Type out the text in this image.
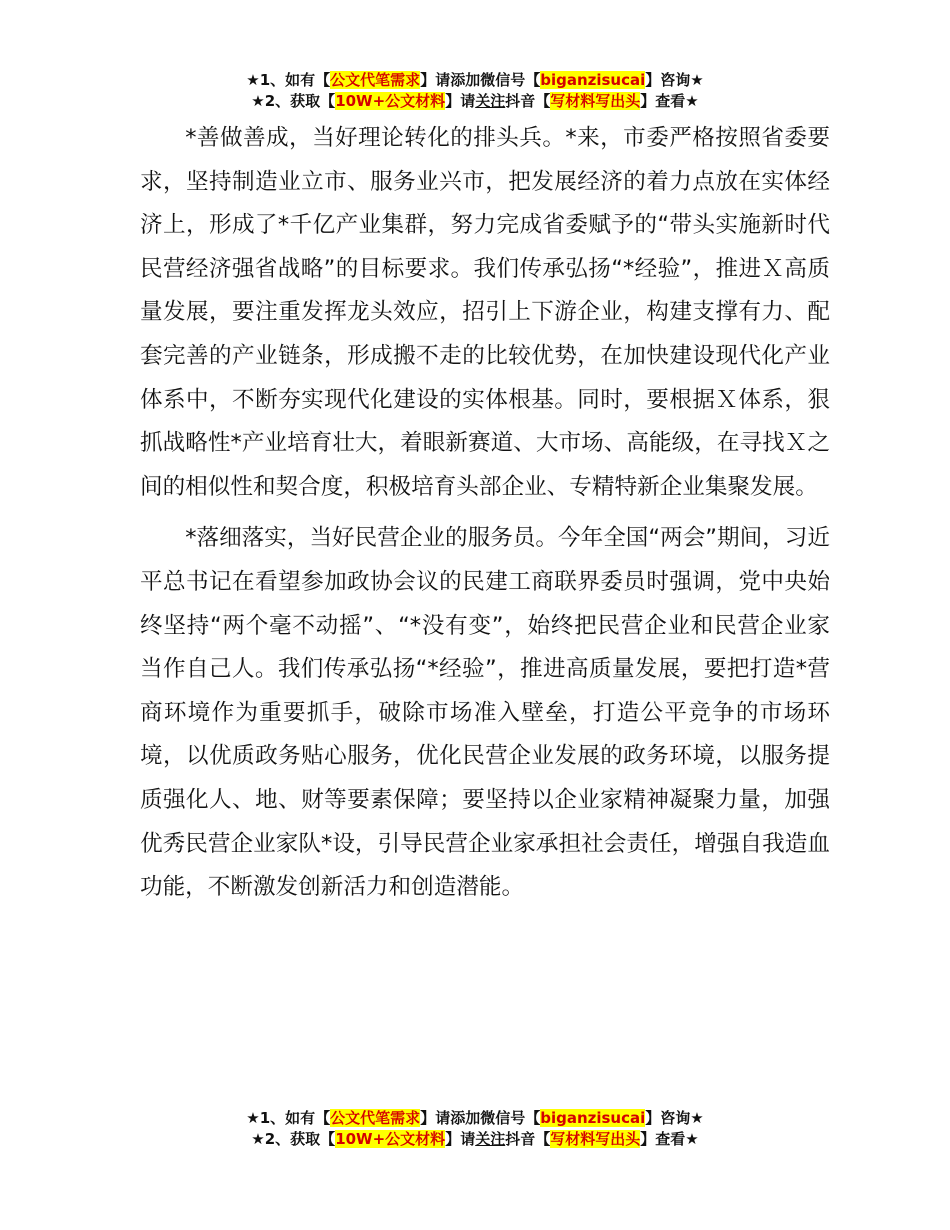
★1、如有【公文代笔需求】请添加微信号【biganzisucai】咨询★
★2、获取【10W+公文材料】请关注抖音【写材料写出头】查看★

*善做善成，当好理论转化的排头兵。*来，市委严格按照省委要求，坚持制造业立市、服务业兴市，把发展经济的着力点放在实体经济上，形成了*千亿产业集群，努力完成省委赋予的“带头实施新时代民营经济强省战略”的目标要求。我们传承弘扬“*经验”，推进Ｘ高质量发展，要注重发挥龙头效应，招引上下游企业，构建支撑有力、配套完善的产业链条，形成搬不走的比较优势，在加快建设现代化产业体系中，不断夯实现代化建设的实体根基。同时，要根据Ｘ体系，狠抓战略性*产业培育壮大，着眼新赛道、大市场、高能级，在寻找Ｘ之间的相似性和契合度，积极培育头部企业、专精特新企业集聚发展。

*落细落实，当好民营企业的服务员。今年全国“两会”期间，习近平总书记在看望参加政协会议的民建工商联界委员时强调，党中央始终坚持“两个毫不动摇”、“*没有变”，始终把民营企业和民营企业家当作自己人。我们传承弘扬“*经验”，推进高质量发展，要把打造*营商环境作为重要抓手，破除市场准入壁垒，打造公平竞争的市场环境，以优质政务贴心服务，优化民营企业发展的政务环境，以服务提质强化人、地、财等要素保障；要坚持以企业家精神凝聚力量，加强优秀民营企业家队*设，引导民营企业家承担社会责任，增强自我造血功能，不断激发创新活力和创造潜能。

★1、如有【公文代笔需求】请添加微信号【biganzisucai】咨询★
★2、获取【10W+公文材料】请关注抖音【写材料写出头】查看★
